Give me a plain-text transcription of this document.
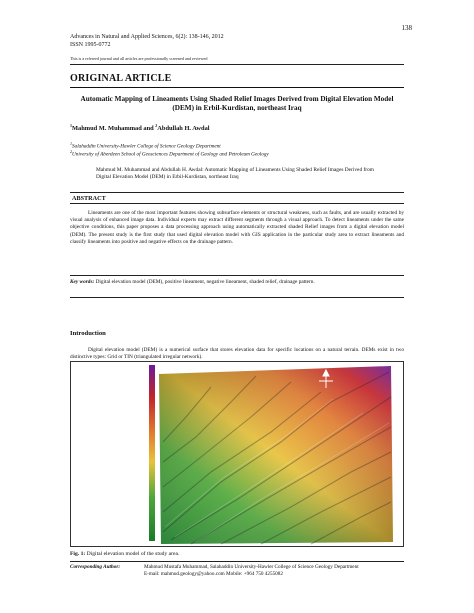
138
Advances in Natural and Applied Sciences, 6(2): 138-146, 2012
ISSN 1995-0772
This is a refereed journal and all articles are professionally screened and reviewed
ORIGINAL ARTICLE
Automatic Mapping of Lineaments Using Shaded Relief Images Derived from Digital Elevation Model (DEM) in Erbil-Kurdistan, northeast Iraq
$^1$Mahmud M. Muhammad and $^2$Abdullah H. Awdal
$^1$Salahaddin University-Hawler College of Science Geology Department
$^2$University of Aberdeen School of Geosciences Department of Geology and Petroleum Geology
Mahmud M. Muhammad and Abdullah H. Awdal: Automatic Mapping of Lineaments Using Shaded Relief Images Derived from Digital Elevation Model (DEM) in Erbil-Kurdistan, northeast Iraq
ABSTRACT
Lineaments are one of the most important features showing subsurface elements or structural weakness, such as faults, and are usually extracted by visual analysis of enhanced image data. Individual experts may extract different segments through a visual approach. To detect lineaments under the same objective conditions, this paper proposes a data processing approach using automatically extracted shaded Relief images from a digital elevation model (DEM). The present study is the first study that used digital elevation model with GIS application in the particular study area to extract lineaments and classify lineaments into positive and negative effects on the drainage pattern.
Key words: Digital elevation model (DEM), positive lineament, negative lineament, shaded relief, drainage pattern.
Introduction
Digital elevation model (DEM) is a numerical surface that stores elevation data for specific locations on a natural terrain. DEMs exist in two distinctive types: Grid or TIN (triangulated irregular network).
Fig. 1: Digital elevation model of the study area.
Corresponding Author:	Mahmud Mustafa Muhammad, Salahaddin University-Hawler College of Science Geology Department
E-mail: mahmud.geology@yahoo.com Mobile: +964 750 4255082
